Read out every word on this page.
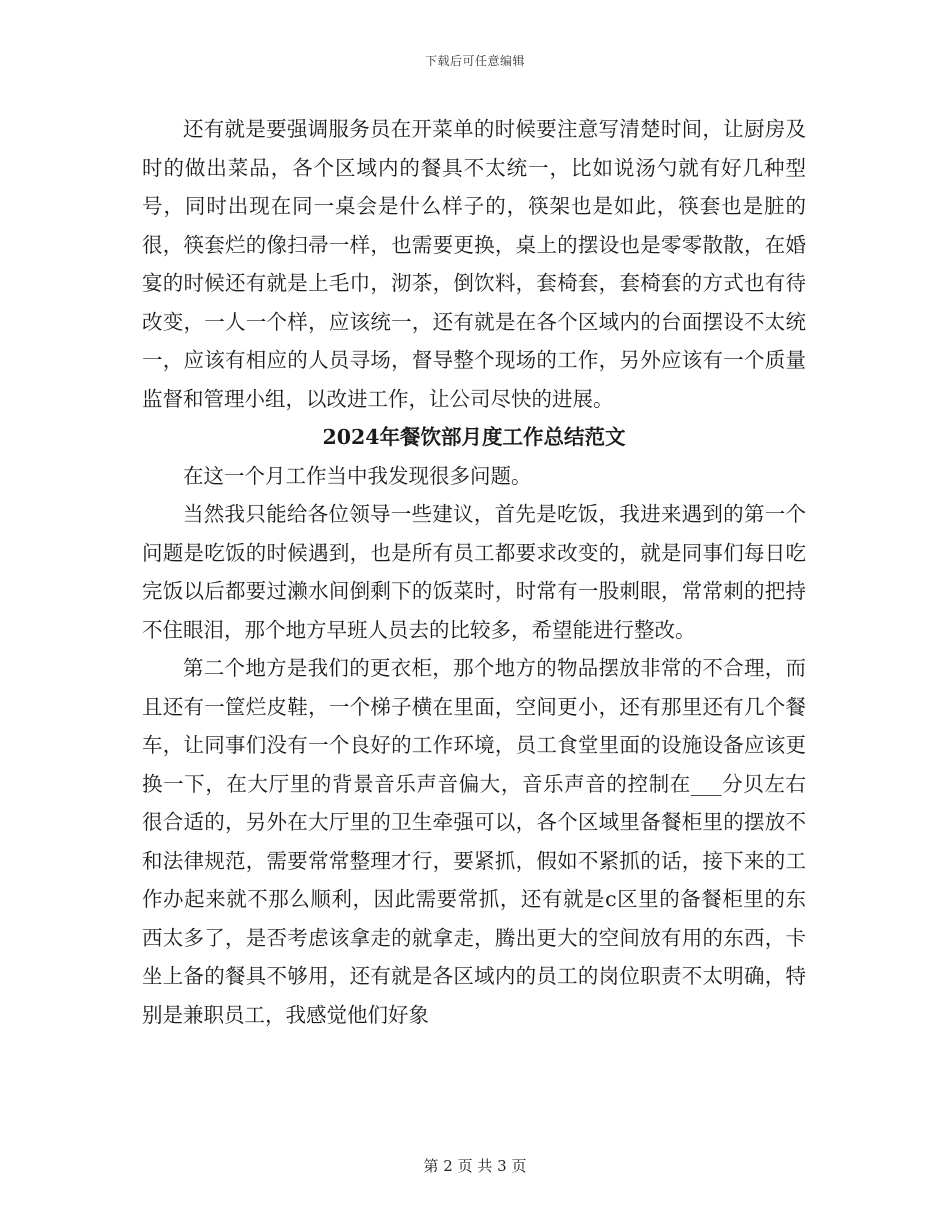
下载后可任意编辑

还有就是要强调服务员在开菜单的时候要注意写清楚时间，让厨房及时的做出菜品，各个区域内的餐具不太统一，比如说汤勺就有好几种型号，同时出现在同一桌会是什么样子的，筷架也是如此，筷套也是脏的很，筷套烂的像扫帚一样，也需要更换，桌上的摆设也是零零散散，在婚宴的时候还有就是上毛巾，沏茶，倒饮料，套椅套，套椅套的方式也有待改变，一人一个样，应该统一，还有就是在各个区域内的台面摆设不太统一，应该有相应的人员寻场，督导整个现场的工作，另外应该有一个质量监督和管理小组，以改进工作，让公司尽快的进展。

2024年餐饮部月度工作总结范文

在这一个月工作当中我发现很多问题。

当然我只能给各位领导一些建议，首先是吃饭，我进来遇到的第一个问题是吃饭的时候遇到，也是所有员工都要求改变的，就是同事们每日吃完饭以后都要过濑水间倒剩下的饭菜时，时常有一股刺眼，常常刺的把持不住眼泪，那个地方早班人员去的比较多，希望能进行整改。

第二个地方是我们的更衣柜，那个地方的物品摆放非常的不合理，而且还有一筐烂皮鞋，一个梯子横在里面，空间更小，还有那里还有几个餐车，让同事们没有一个良好的工作环境，员工食堂里面的设施设备应该更换一下，在大厅里的背景音乐声音偏大，音乐声音的控制在___分贝左右很合适的，另外在大厅里的卫生牵强可以，各个区域里备餐柜里的摆放不和法律规范，需要常常整理才行，要紧抓，假如不紧抓的话，接下来的工作办起来就不那么顺利，因此需要常抓，还有就是c区里的备餐柜里的东西太多了，是否考虑该拿走的就拿走，腾出更大的空间放有用的东西，卡坐上备的餐具不够用，还有就是各区域内的员工的岗位职责不太明确，特别是兼职员工，我感觉他们好象

第 2 页 共 3 页
